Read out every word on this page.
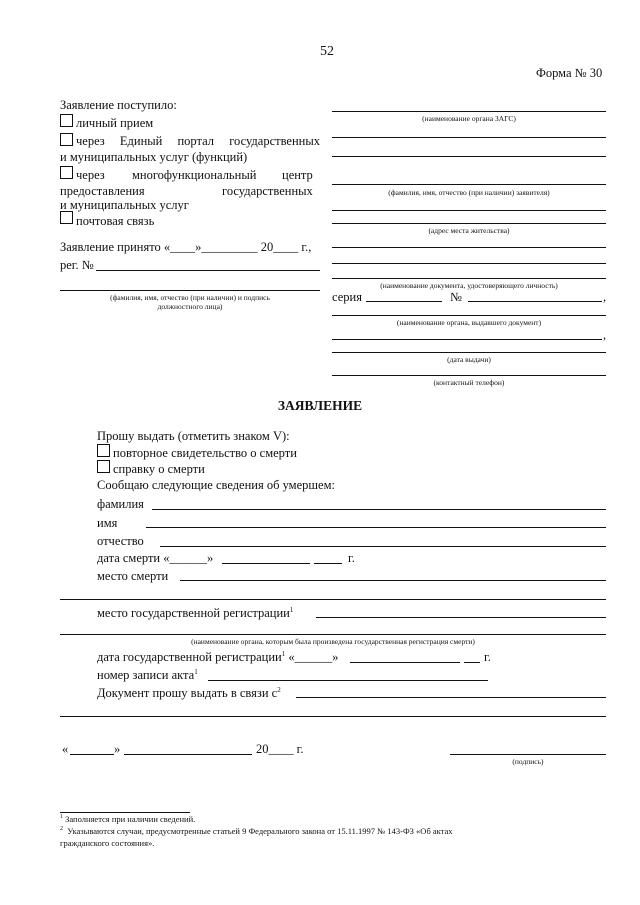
52
Форма № 30
Заявление поступило:
личный прием
через Единый портал государственных
и муниципальных услуг (функций)
через многофункциональный центр
предоставления	государственных
и муниципальных услуг
почтовая связь
Заявление принято «____»_________ 20____ г.,
рег. №
(фамилия, имя, отчество (при наличии) и подпись
должностного лица)
(наименование органа ЗАГС)
(фамилия, имя, отчество (при наличии) заявителя)
(адрес места жительства)
(наименование документа, удостоверяющего личность)
серия	№	,
(наименование органа, выдавшего документ)
,
(дата выдачи)
(контактный телефон)
ЗАЯВЛЕНИЕ
Прошу выдать (отметить знаком V):
повторное свидетельство о смерти
справку о смерти
Сообщаю следующие сведения об умершем:
фамилия
имя
отчество
дата смерти «______»	г.
место смерти
место государственной регистрации$^1$
(наименование органа, которым была произведена государственная регистрация смерти)
дата государственной регистрации$^1$ «______»	г.
номер записи акта$^1$
Документ прошу выдать в связи $с^2$
«	»	20____ г.
(подпись)
$^1$ Заполняется при наличии сведений.
$^2$ Указываются случаи, предусмотренные статьей 9 Федерального закона от 15.11.1997 № 143-ФЗ «Об актах
гражданского состояния».
